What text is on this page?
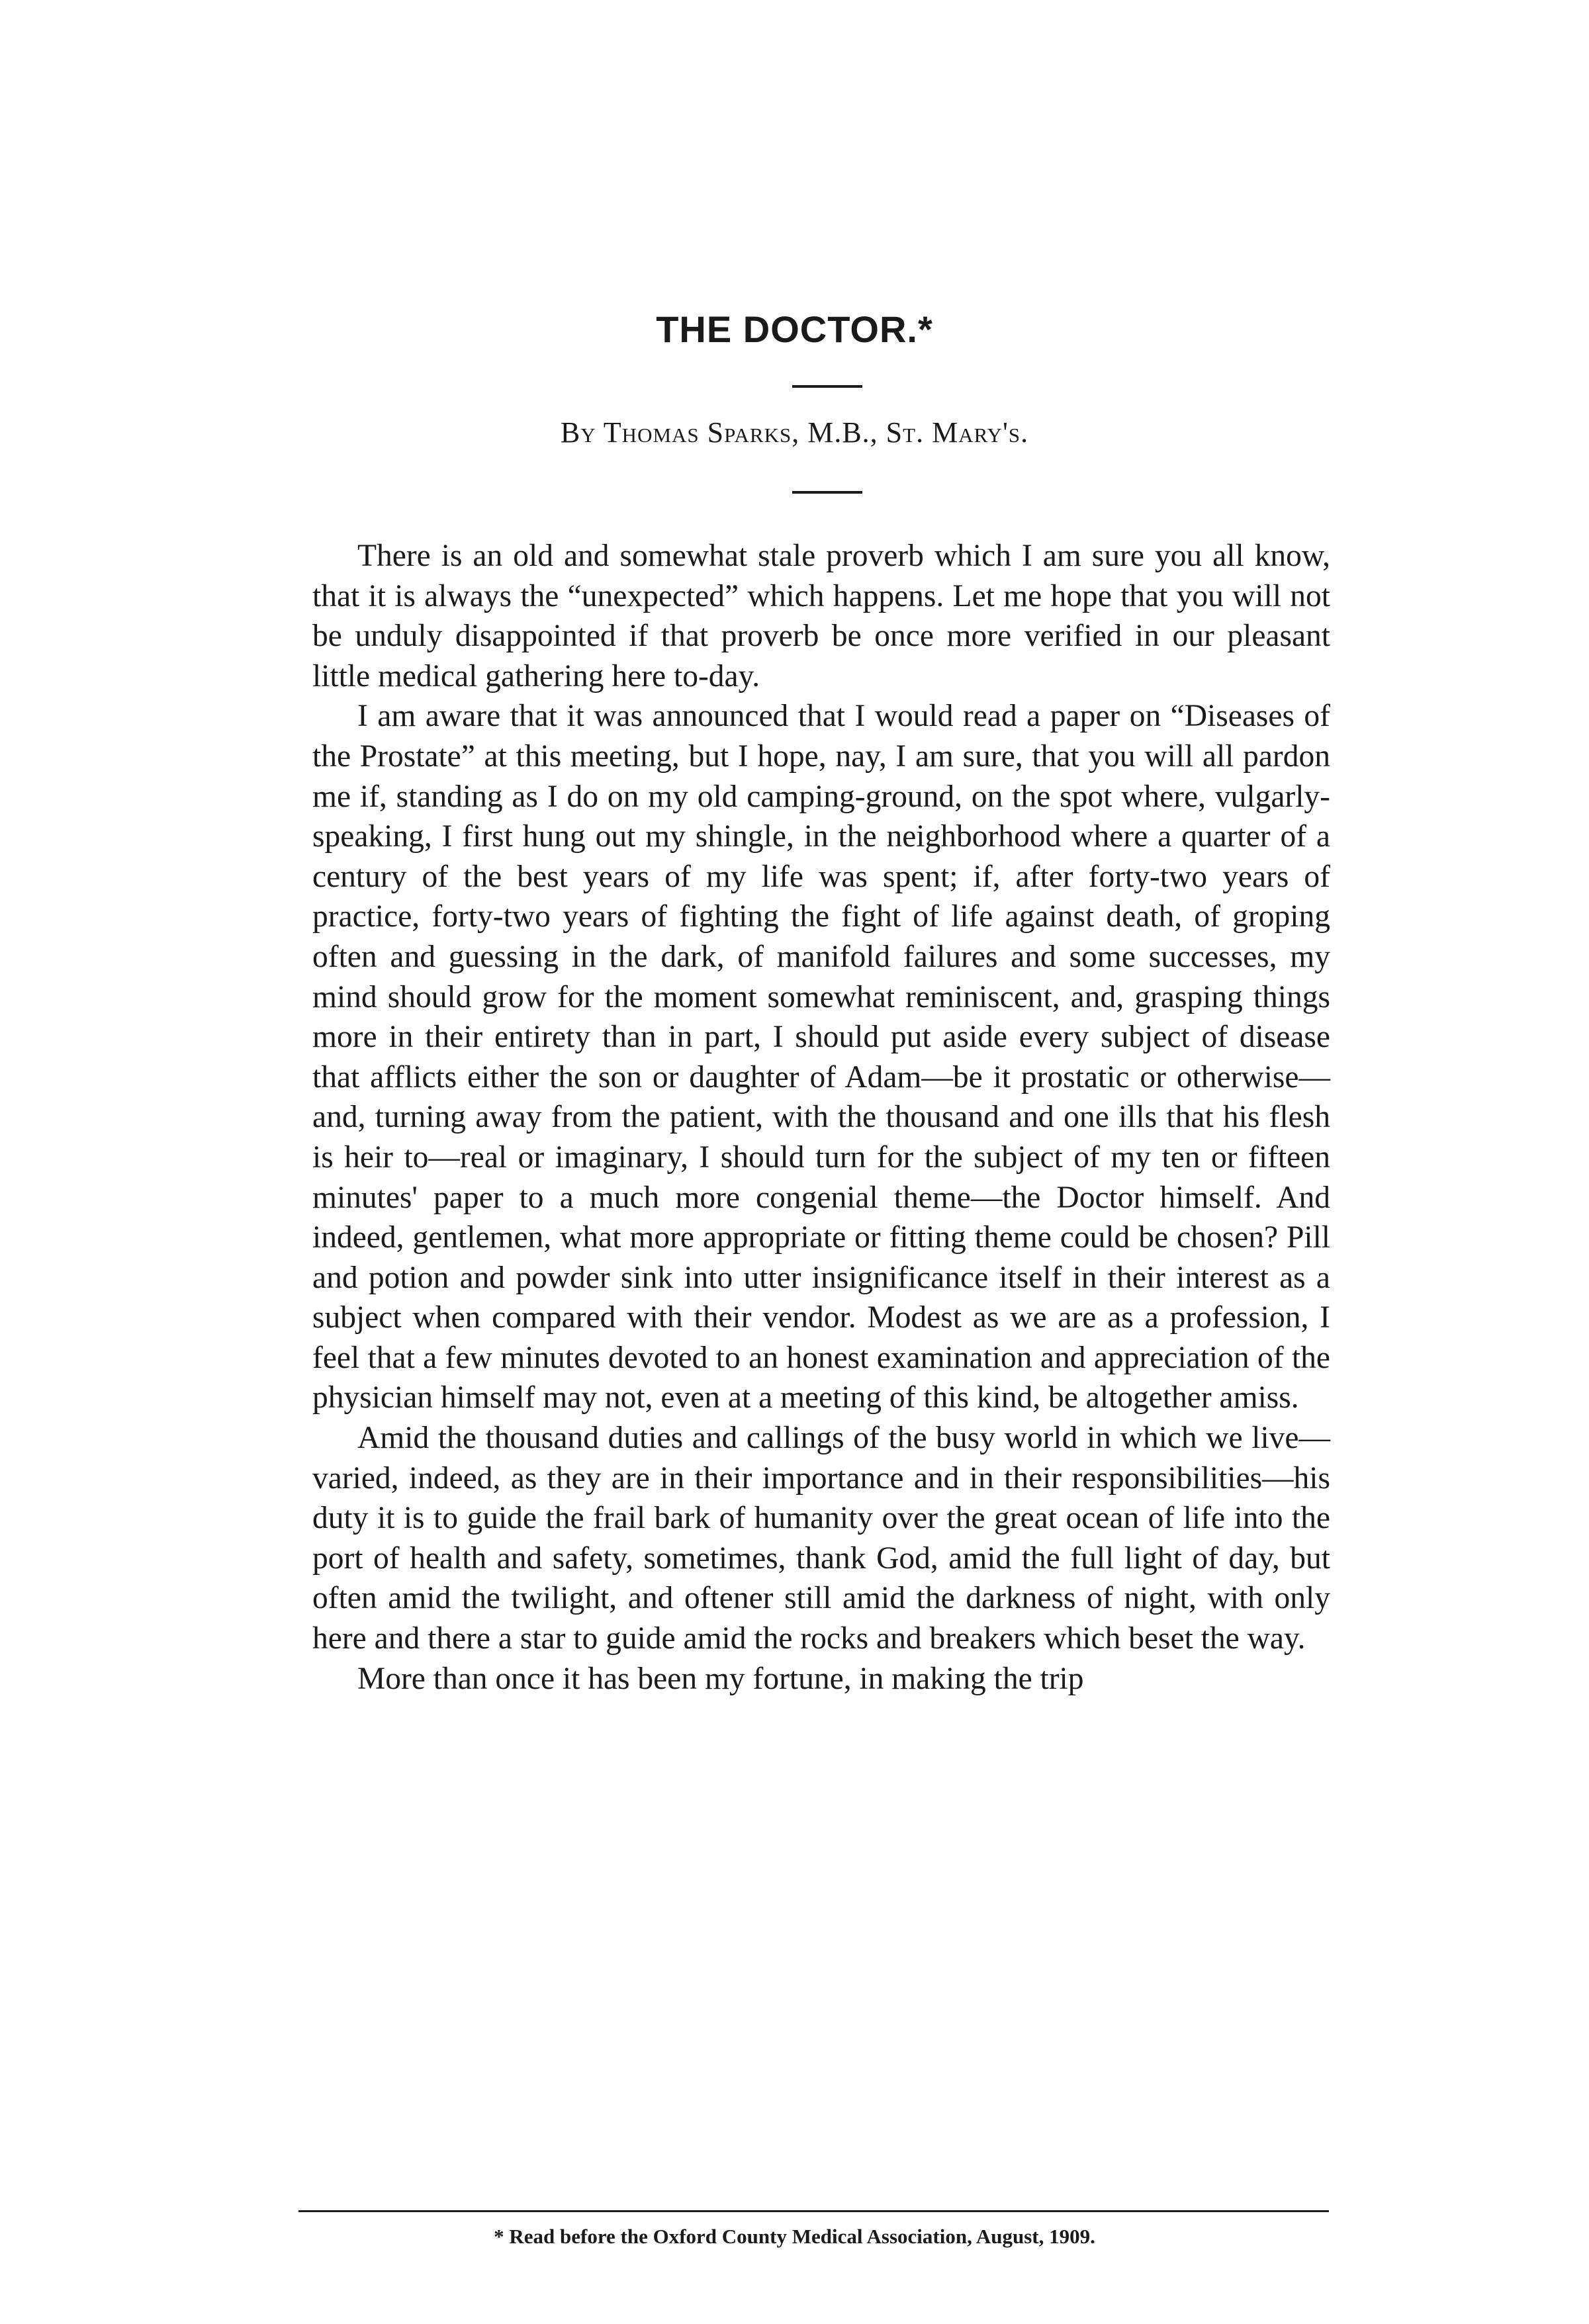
THE DOCTOR.*
By Thomas Sparks, M.B., St. Mary's.

There is an old and somewhat stale proverb which I am sure you all know, that it is always the “unexpected” which happens. Let me hope that you will not be unduly disappointed if that proverb be once more verified in our pleasant little medical gathering here to-day.

I am aware that it was announced that I would read a paper on “Diseases of the Prostate” at this meeting, but I hope, nay, I am sure, that you will all pardon me if, standing as I do on my old camping-ground, on the spot where, vulgarly-speaking, I first hung out my shingle, in the neighborhood where a quarter of a century of the best years of my life was spent; if, after forty-two years of practice, forty-two years of fighting the fight of life against death, of groping often and guessing in the dark, of manifold failures and some successes, my mind should grow for the moment somewhat reminiscent, and, grasping things more in their entirety than in part, I should put aside every subject of disease that afflicts either the son or daughter of Adam—be it prostatic or otherwise—and, turning away from the patient, with the thousand and one ills that his flesh is heir to—real or imaginary, I should turn for the subject of my ten or fifteen minutes' paper to a much more congenial theme—the Doctor himself. And indeed, gentlemen, what more appropriate or fitting theme could be chosen? Pill and potion and powder sink into utter insignificance itself in their interest as a subject when compared with their vendor. Modest as we are as a profession, I feel that a few minutes devoted to an honest examination and appreciation of the physician himself may not, even at a meeting of this kind, be altogether amiss.

Amid the thousand duties and callings of the busy world in which we live—varied, indeed, as they are in their importance and in their responsibilities—his duty it is to guide the frail bark of humanity over the great ocean of life into the port of health and safety, sometimes, thank God, amid the full light of day, but often amid the twilight, and oftener still amid the darkness of night, with only here and there a star to guide amid the rocks and breakers which beset the way.

More than once it has been my fortune, in making the trip

* Read before the Oxford County Medical Association, August, 1909.
